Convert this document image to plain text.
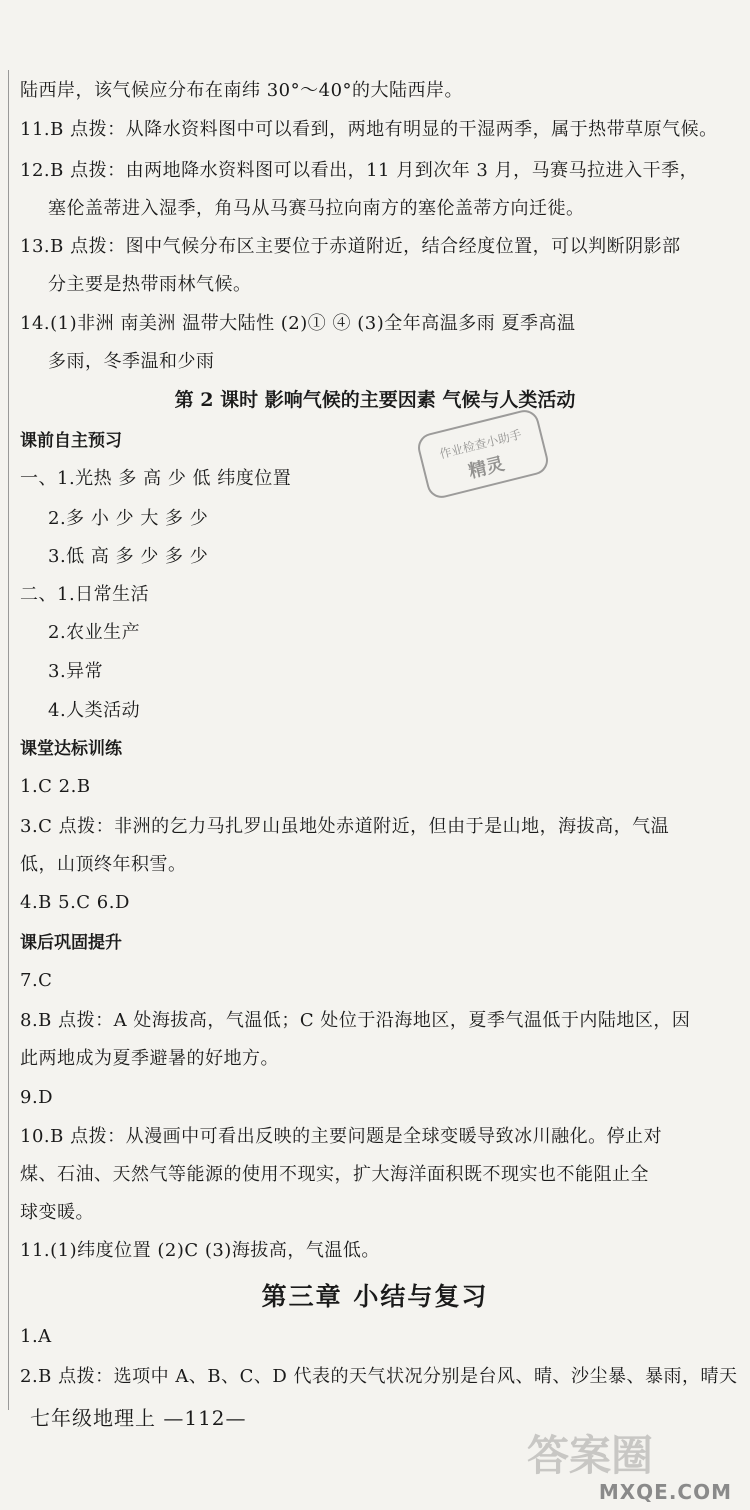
陆西岸，该气候应分布在南纬 30°～40°的大陆西岸。
11.B 点拨：从降水资料图中可以看到，两地有明显的干湿两季，属于热带草原气候。
12.B 点拨：由两地降水资料图可以看出，11 月到次年 3 月，马赛马拉进入干季，
塞伦盖蒂进入湿季，角马从马赛马拉向南方的塞伦盖蒂方向迁徙。
13.B 点拨：图中气候分布区主要位于赤道附近，结合经度位置，可以判断阴影部
分主要是热带雨林气候。
14.(1)非洲 南美洲 温带大陆性 (2)① ④ (3)全年高温多雨 夏季高温
多雨，冬季温和少雨
第 2 课时 影响气候的主要因素 气候与人类活动
课前自主预习
一、1.光热 多 高 少 低 纬度位置
2.多 小 少 大 多 少
3.低 高 多 少 多 少
二、1.日常生活
2.农业生产
3.异常
4.人类活动
课堂达标训练
1.C 2.B
3.C 点拨：非洲的乞力马扎罗山虽地处赤道附近，但由于是山地，海拔高，气温
低，山顶终年积雪。
4.B 5.C 6.D
课后巩固提升
7.C
8.B 点拨：A 处海拔高，气温低；C 处位于沿海地区，夏季气温低于内陆地区，因
此两地成为夏季避暑的好地方。
9.D
10.B 点拨：从漫画中可看出反映的主要问题是全球变暖导致冰川融化。停止对
煤、石油、天然气等能源的使用不现实，扩大海洋面积既不现实也不能阻止全
球变暖。
11.(1)纬度位置 (2)C (3)海拔高，气温低。
第三章 小结与复习
1.A
2.B 点拨：选项中 A、B、C、D 代表的天气状况分别是台风、晴、沙尘暴、暴雨，晴天
七年级地理上 —112—
作业检查小助手
精灵
答案圈
MXQE.COM
